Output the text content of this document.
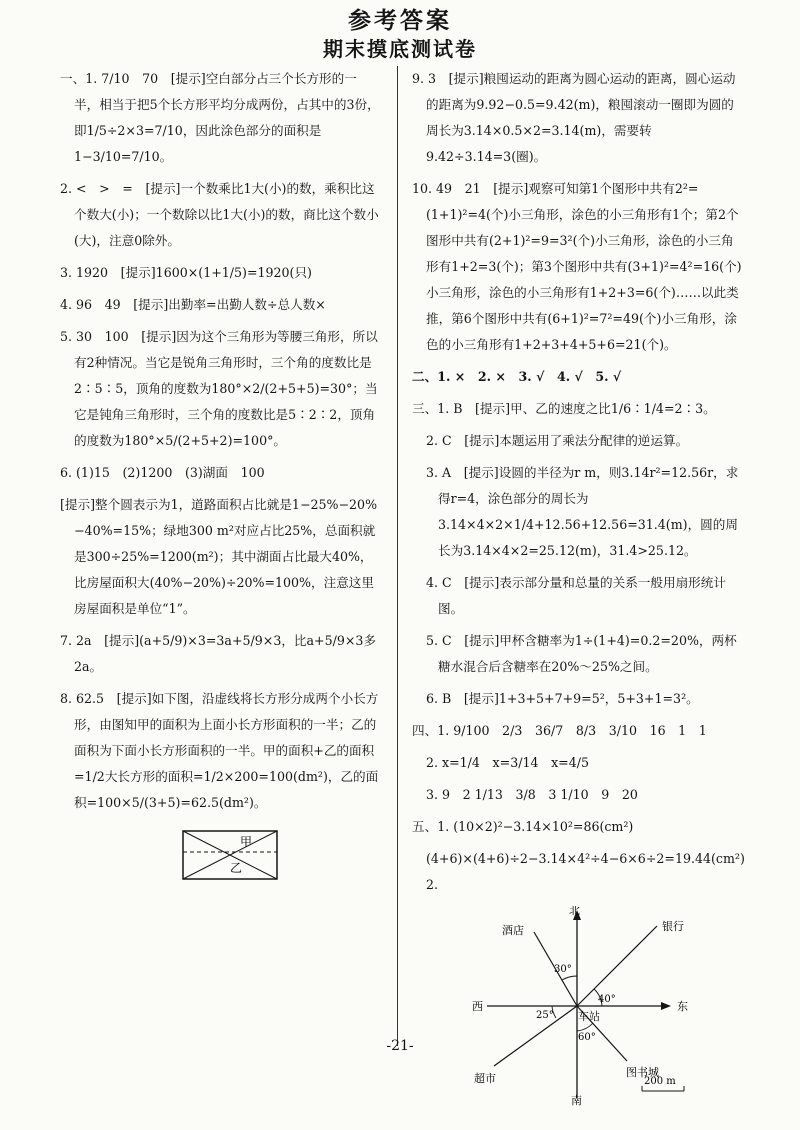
参考答案
期末摸底测试卷
一、1. 7/10　70　[提示]空白部分占三个长方形的一半，相当于把5个长方形平均分成两份，占其中的3份，即1/5÷2×3=7/10，因此涂色部分的面积是1−3/10=7/10。
2. <　>　=　[提示]一个数乘比1大(小)的数，乘积比这个数大(小)；一个数除以比1大(小)的数，商比这个数小(大)，注意0除外。
3. 1920　[提示]1600×(1+1/5)=1920(只)
4. 96　49　[提示]出勤率=出勤人数÷总人数×
5. 30　100　[提示]因为这个三角形为等腰三角形，所以有2种情况。当它是锐角三角形时，三个角的度数比是2∶5∶5，顶角的度数为180°×2/(2+5+5)=30°；当它是钝角三角形时，三个角的度数比是5∶2∶2，顶角的度数为180°×5/(2+5+2)=100°。
6. (1)15　(2)1200　(3)湖面　100
[提示]整个圆表示为1，道路面积占比就是1−25%−20%−40%=15%；绿地300 m²对应占比25%，总面积就是300÷25%=1200(m²)；其中湖面占比最大40%，比房屋面积大(40%−20%)÷20%=100%，注意这里房屋面积是单位“1”。
7. 2a　[提示](a+5/9)×3=3a+5/9×3，比a+5/9×3多2a。
8. 62.5　[提示]如下图，沿虚线将长方形分成两个小长方形，由图知甲的面积为上面小长方形面积的一半；乙的面积为下面小长方形面积的一半。甲的面积+乙的面积=1/2大长方形的面积=1/2×200=100(dm²)，乙的面积=100×5/(3+5)=62.5(dm²)。
甲
乙
9. 3　[提示]粮囤运动的距离为圆心运动的距离，圆心运动的距离为9.92−0.5=9.42(m)，粮囤滚动一圈即为圆的周长为3.14×0.5×2=3.14(m)，需要转9.42÷3.14=3(圈)。
10. 49　21　[提示]观察可知第1个图形中共有2²=(1+1)²=4(个)小三角形，涂色的小三角形有1个；第2个图形中共有(2+1)²=9=3²(个)小三角形，涂色的小三角形有1+2=3(个)；第3个图形中共有(3+1)²=4²=16(个)小三角形，涂色的小三角形有1+2+3=6(个)……以此类推，第6个图形中共有(6+1)²=7²=49(个)小三角形，涂色的小三角形有1+2+3+4+5+6=21(个)。
二、1. ×　2. ×　3. √　4. √　5. √
三、1. B　[提示]甲、乙的速度之比1/6∶1/4=2∶3。
2. C　[提示]本题运用了乘法分配律的逆运算。
3. A　[提示]设圆的半径为r m，则3.14r²=12.56r，求得r=4，涂色部分的周长为3.14×4×2×1/4+12.56+12.56=31.4(m)，圆的周长为3.14×4×2=25.12(m)，31.4>25.12。
4. C　[提示]表示部分量和总量的关系一般用扇形统计图。
5. C　[提示]甲杯含糖率为1÷(1+4)=0.2=20%，两杯糖水混合后含糖率在20%～25%之间。
6. B　[提示]1+3+5+7+9=5²，5+3+1=3²。
四、1. 9/100　2/3　36/7　8/3　3/10　16　1　1
2. x=1/4　x=3/14　x=4/5
3. 9　2 1/13　3/8　3 1/10　9　20
五、1. (10×2)²−3.14×10²=86(cm²)
(4+6)×(4+6)÷2−3.14×4²÷4−6×6÷2=19.44(cm²)
2.
北
南
东
西
酒店	银行
超市	图书城
车站
30°
40°
25°
60°
200 m
-21-
